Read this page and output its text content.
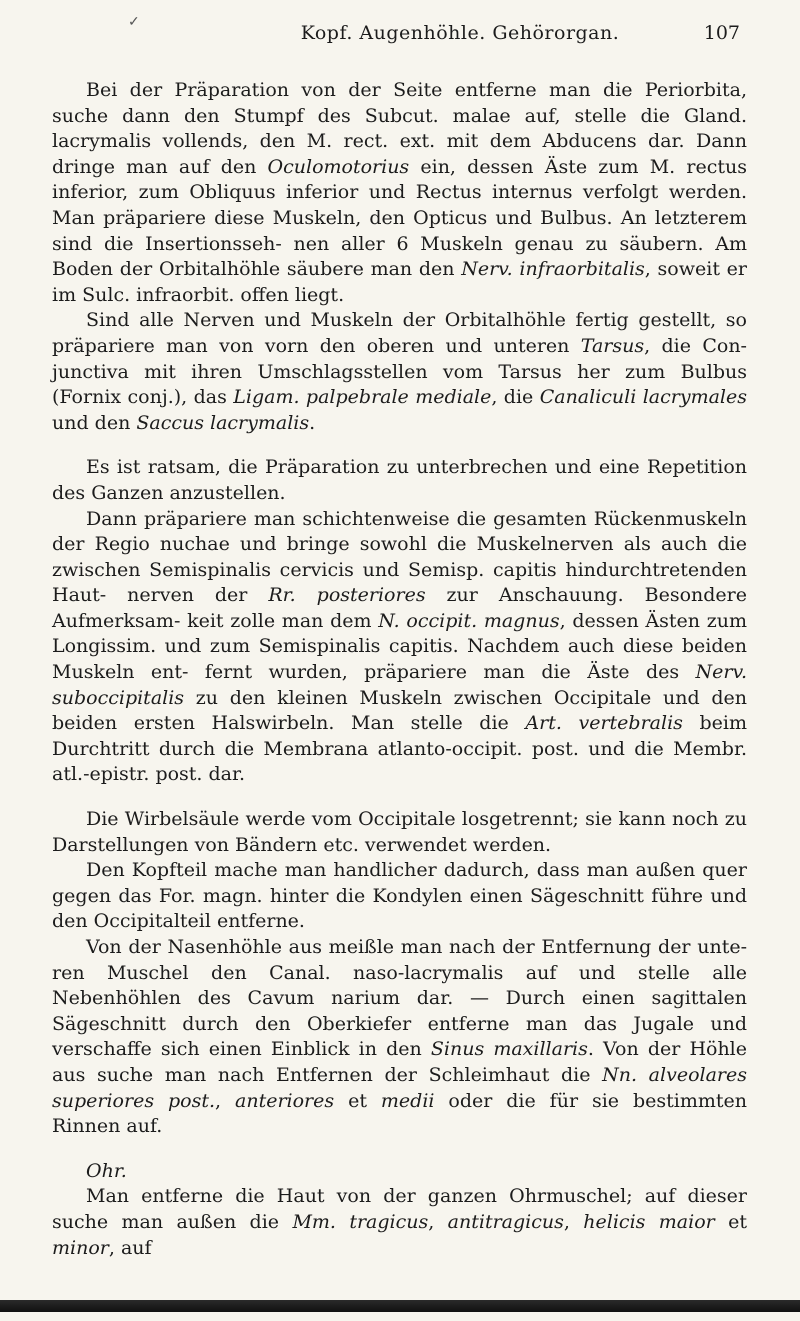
✓	Kopf. Augenhöhle. Gehörorgan.	107

Bei der Präparation von der Seite entferne man die Periorbita, suche dann den Stumpf des Subcut. malae auf, stelle die Gland. lacrymalis vollends, den M. rect. ext. mit dem Abducens dar. Dann dringe man auf den Oculomotorius ein, dessen Äste zum M. rectus inferior, zum Obliquus inferior und Rectus internus verfolgt werden. Man präpariere diese Muskeln, den Opticus und Bulbus. An letzterem sind die Insertionsseh- nen aller 6 Muskeln genau zu säubern. Am Boden der Orbitalhöhle säubere man den Nerv. infraorbitalis, soweit er im Sulc. infraorbit. offen liegt.

Sind alle Nerven und Muskeln der Orbitalhöhle fertig gestellt, so präpariere man von vorn den oberen und unteren Tarsus, die Con- junctiva mit ihren Umschlagsstellen vom Tarsus her zum Bulbus (Fornix conj.), das Ligam. palpebrale mediale, die Canaliculi lacrymales und den Saccus lacrymalis.

Es ist ratsam, die Präparation zu unterbrechen und eine Repetition des Ganzen anzustellen.

Dann präpariere man schichtenweise die gesamten Rückenmuskeln der Regio nuchae und bringe sowohl die Muskelnerven als auch die zwischen Semispinalis cervicis und Semisp. capitis hindurchtretenden Haut- nerven der Rr. posteriores zur Anschauung. Besondere Aufmerksam- keit zolle man dem N. occipit. magnus, dessen Ästen zum Longissim. und zum Semispinalis capitis. Nachdem auch diese beiden Muskeln ent- fernt wurden, präpariere man die Äste des Nerv. suboccipitalis zu den kleinen Muskeln zwischen Occipitale und den beiden ersten Halswirbeln. Man stelle die Art. vertebralis beim Durchtritt durch die Membrana atlanto-occipit. post. und die Membr. atl.-epistr. post. dar.

Die Wirbelsäule werde vom Occipitale losgetrennt; sie kann noch zu Darstellungen von Bändern etc. verwendet werden.

Den Kopfteil mache man handlicher dadurch, dass man außen quer gegen das For. magn. hinter die Kondylen einen Sägeschnitt führe und den Occipitalteil entferne.

Von der Nasenhöhle aus meißle man nach der Entfernung der unte- ren Muschel den Canal. naso-lacrymalis auf und stelle alle Nebenhöhlen des Cavum narium dar. — Durch einen sagittalen Sägeschnitt durch den Oberkiefer entferne man das Jugale und verschaffe sich einen Einblick in den Sinus maxillaris. Von der Höhle aus suche man nach Entfernen der Schleimhaut die Nn. alveolares superiores post., anteriores et medii oder die für sie bestimmten Rinnen auf.

Ohr.

Man entferne die Haut von der ganzen Ohrmuschel; auf dieser suche man außen die Mm. tragicus, antitragicus, helicis maior et minor, auf
